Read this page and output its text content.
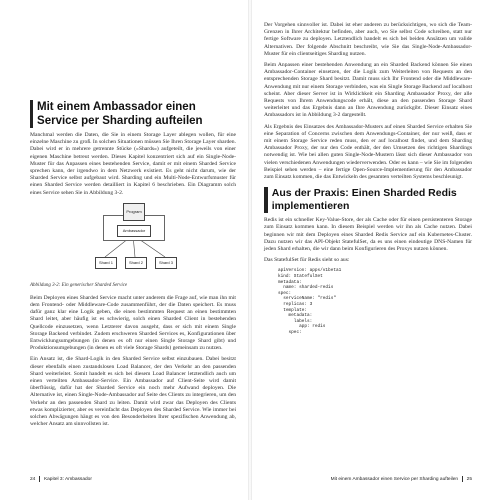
Mit einem Ambassador einen Service per Sharding aufteilen

Manchmal werden die Daten, die Sie in einem Storage Layer ablegen wollen, für eine einzelne Maschine zu groß. In solchen Situationen müssen Sie Ihren Storage Layer sharden. Dabei wird er in mehrere getrennte Stücke (»Shards«) aufgeteilt, die jeweils von einer eigenen Maschine betreut werden. Dieses Kapitel konzentriert sich auf ein Single-Node-Muster für das Anpassen eines bestehenden Service, damit er mit einem Sharded Service sprechen kann, der irgendwo in dem Netzwerk existiert. Es geht nicht darum, wie der Sharded Service selbst aufgebaut wird. Sharding und ein Multi-Node-Entwurfsmuster für einen Sharded Service werden detailliert in Kapitel 6 beschrieben. Ein Diagramm solch eines Service sehen Sie in Abbildung 3-2.

Program
Ambassador
Shard 1	Shard 2	Shard 3
Abbildung 3-2: Ein generischer Sharded Service

Beim Deployen eines Sharded Service macht unter anderem die Frage auf, wie man ihn mit dem Frontend- oder Middleware-Code zusammenführt, der die Daten speichert. Es muss dafür ganz klar eine Logik geben, die einen bestimmten Request an einen bestimmten Shard leitet, aber häufig ist es schwierig, solch einen Sharded Client in bestehenden Quellcode einzusetzen, wenn Letzterer davon ausgeht, dass er sich mit einem Single Storage Backend verbindet. Zudem erschweren Sharded Services es, Konfigurationen über Entwicklungsumgebungen (in denen es oft nur einen Single Storage Shard gibt) und Produktionsumgebungen (in denen es oft viele Storage Shards) gemeinsam zu nutzen.

Ein Ansatz ist, die Shard-Logik in den Sharded Service selbst einzubauen. Dabei besitzt dieser ebenfalls einen zustandslosen Load Balancer, der den Verkehr an den passenden Shard weiterleitet. Somit handelt es sich bei diesem Load Balancer letztendlich auch um einen verteilten Ambassador-Service. Ein Ambassador auf Client-Seite wird damit überflüssig, dafür hat der Sharded Service ein noch mehr Aufwand deployen. Die Alternative ist, einen Single-Node-Ambassador auf Seite des Clients zu integrieren, um den Verkehr an den passenden Shard zu leiten. Damit wird zwar das Deployen des Clients etwas komplizierter, aber es vereinfacht das Deployen des Sharded Service. Wie immer bei solchen Abwägungen hängt es von den Besonderheiten Ihrer spezifischen Anwendung ab, welcher Ansatz am sinnvollsten ist.

24 Kapitel 3: Ambassador

Der Vorgehen sinnvoller ist. Dabei ist eher anderen zu berücksichtigen, wo sich die Team-Grenzen in Ihrer Architektur befinden, aber auch, wo Sie selbst Code schreiben, statt nur fertige Software zu deployen. Letztendlich handelt es sich bei beiden Ansätzen um valide Alternativen. Der folgende Abschnitt beschreibt, wie Sie das Single-Node-Ambassador-Muster für ein clientseitiges Sharding nutzen.

Beim Anpassen einer bestehenden Anwendung an ein Sharded Backend können Sie einen Ambassador-Container einsetzen, der die Logik zum Weiterleiten von Requests an den entsprechenden Storage Shard besitzt. Damit muss sich Ihr Frontend oder die Middleware-Anwendung mit nur einem Storage verbinden, was ein Single Storage Backend auf localhost scheint. Aber dieser Server ist in Wirklichkeit ein Sharding Ambassador Proxy, der alle Requests von Ihrem Anwendungscode erhält, diese an den passenden Storage Shard weiterleitet und das Ergebnis dann an Ihre Anwendung zurückgibt. Dieser Einsatz eines Ambassadors ist in Abbildung 3-2 dargestellt.

Als Ergebnis des Einsatzes des Ambassador-Musters auf einen Sharded Service erhalten Sie eine Separation of Concerns zwischen dem Anwendungs-Container, der nur weiß, dass er mit einem Storage Service reden muss, den er auf localhost findet, und dem Sharding Ambassador Proxy, der nur den Code enthält, der den Umsetzen des richtigen Shardings notwendig ist. Wie bei allen guten Single-Node-Mustern lässt sich dieser Ambassador von vielen verschiedenen Anwendungen wiederverwenden. Oder es kann – wie Sie im folgenden Beispiel sehen werden – eine fertige Open-Source-Implementierung für den Ambassador zum Einsatz kommen, die das Entwickeln des gesamten verteilten Systems beschleunigt.

Aus der Praxis: Einen Sharded Redis implementieren

Redis ist ein schneller Key-Value-Store, der als Cache oder für einen persistenteren Storage zum Einsatz kommen kann. In diesem Beispiel werden wir ihn als Cache nutzen. Dabei beginnen wir mit dem Deployen eines Sharded Redis Service auf ein Kubernetes-Cluster. Dazu nutzen wir das API-Objekt StatefulSet, da es uns einen eindeutige DNS-Namen für jeden Shard erhalten, die wir dann beim Konfigurieren des Proxys nutzen können.

Das StatefulSet für Redis sieht so aus:

apiVersion: apps/v1beta1
kind: StatefulSet
metadata:
name: sharded-redis
spec:
serviceName: "redis"
replicas: 3
template:
metadata:
labels:
app: redis
spec:
Mit einem Ambassador einen Service per Sharding aufteilen 25
